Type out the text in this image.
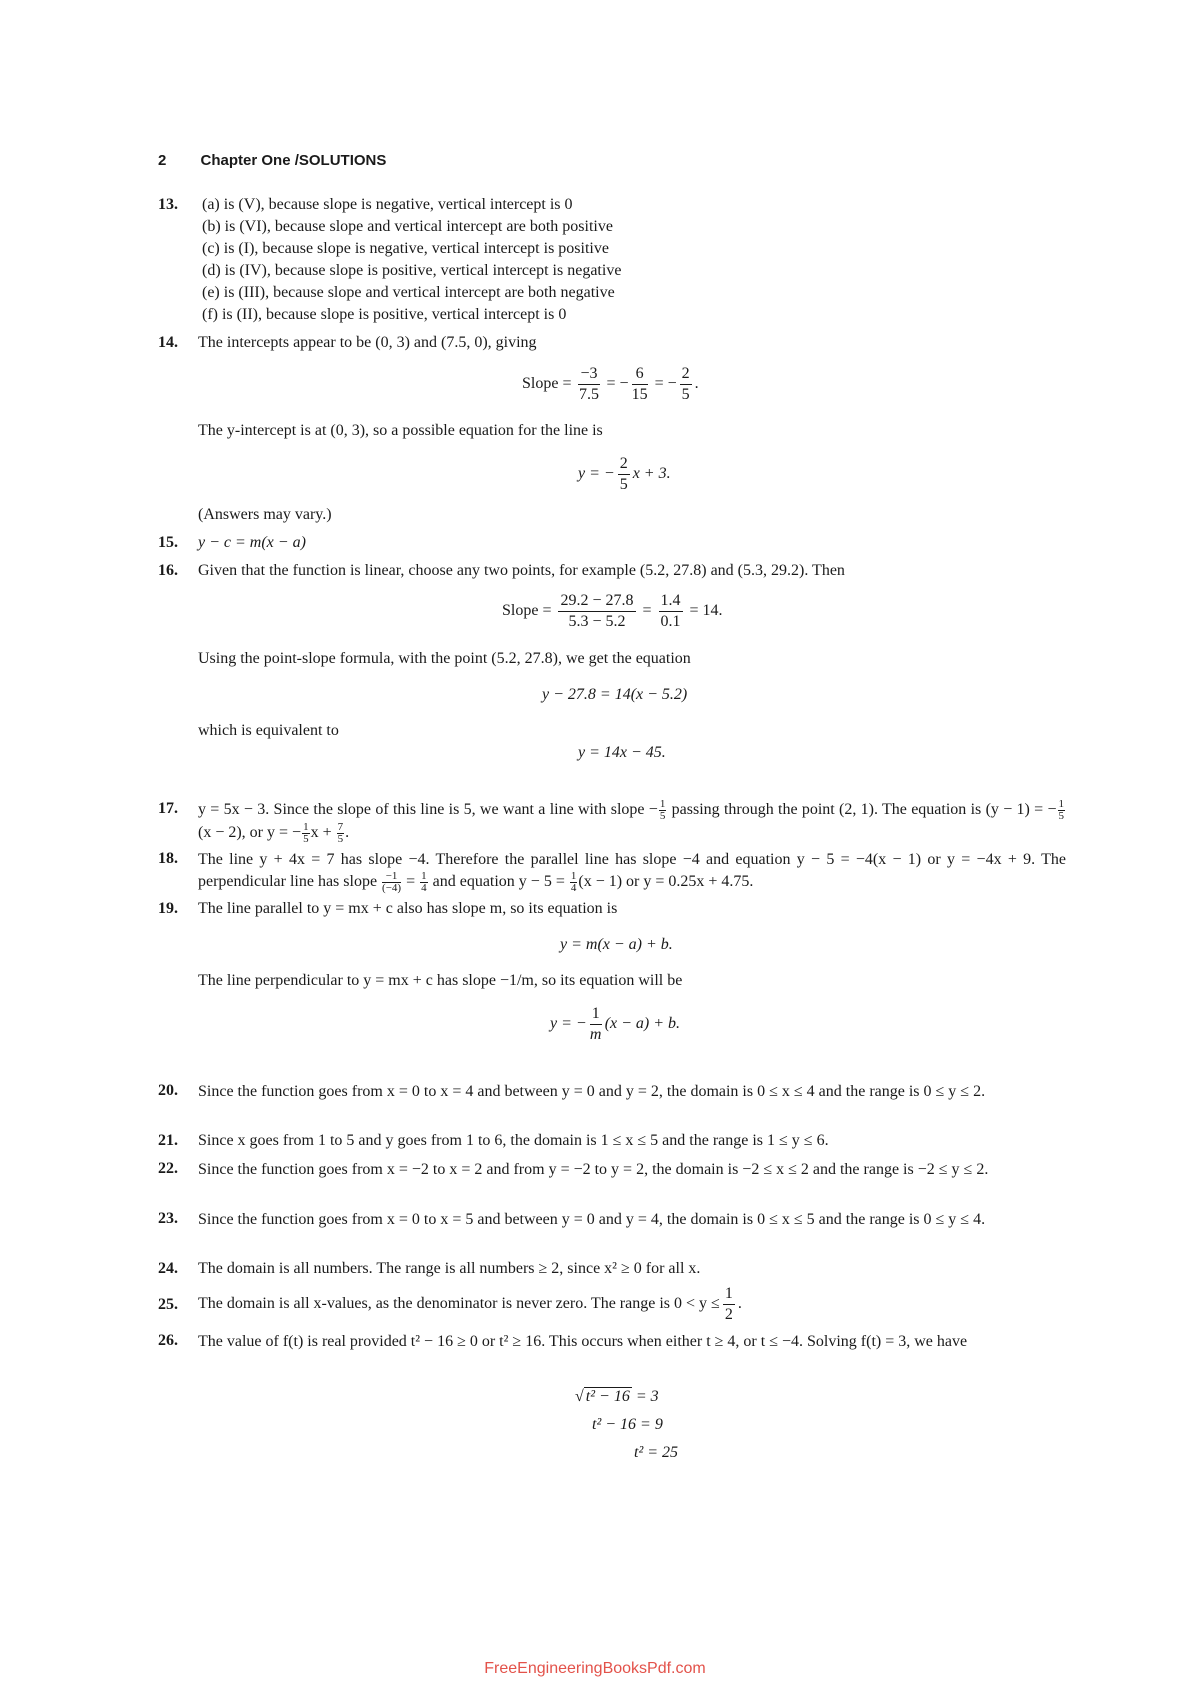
2 Chapter One /SOLUTIONS
13. (a) is (V), because slope is negative, vertical intercept is 0
(b) is (VI), because slope and vertical intercept are both positive
(c) is (I), because slope is negative, vertical intercept is positive
(d) is (IV), because slope is positive, vertical intercept is negative
(e) is (III), because slope and vertical intercept are both negative
(f) is (II), because slope is positive, vertical intercept is 0
14. The intercepts appear to be (0, 3) and (7.5, 0), giving
Slope = $\frac{-3}{7.5}$ = − $\frac{6}{15}$ = − $\frac{2}{5}$ .
The y-intercept is at (0, 3), so a possible equation for the line is
y = − $\frac{2}{5}$ x + 3.
(Answers may vary.)
15. y − c = m(x − a)
16. Given that the function is linear, choose any two points, for example (5.2, 27.8) and (5.3, 29.2). Then
Slope = $\frac{29.2 - 27.8}{5.3 - 5.2} = \frac{1.4}{0.1} = 14$.
Using the point-slope formula, with the point (5.2, 27.8), we get the equation
y − 27.8 = 14(x − 5.2)
which is equivalent to
y = 14x − 45.
17. y = 5x − 3. Since the slope of this line is 5, we want a line with slope − $\frac{1}{5}$ passing through the point (2, 1). The equation is (y − 1) = − $\frac{1}{5}$
(x − 2), or y = − $\frac{1}{5}$ $x + \frac{7}{5}$ .
18. The line y + 4x = 7 has slope −4. Therefore the parallel line has slope −4 and equation y − 5 = −4(x − 1) or y = −4x + 9. The perpendicular line has slope $\frac{-1}{(-4)} = \frac{1}{4}$ and equation $y - 5 = \frac{1}{4} (x - 1)$ or y = 0.25x + 4.75.
19. The line parallel to y = mx + c also has slope m, so its equation is
y = m(x − a) + b.
The line perpendicular to y = mx + c has slope −1/m, so its equation will be
y = − $\frac{1}{m} (x - a) + b$.
20. Since the function goes from x = 0 to x = 4 and between y = 0 and y = 2, the domain is 0 ≤ x ≤ 4 and the range is 0 ≤ y ≤ 2.
21. Since x goes from 1 to 5 and y goes from 1 to 6, the domain is 1 ≤ x ≤ 5 and the range is 1 ≤ y ≤ 6.
22. Since the function goes from x = −2 to x = 2 and from y = −2 to y = 2, the domain is −2 ≤ x ≤ 2 and the range is −2 ≤ y ≤ 2.
23. Since the function goes from x = 0 to x = 5 and between y = 0 and y = 4, the domain is 0 ≤ x ≤ 5 and the range is 0 ≤ y ≤ 4.
24. The domain is all numbers. The range is all numbers ≥ 2, since x² ≥ 0 for all x.
25. The domain is all x-values, as the denominator is never zero. The range is $0 < y \le \frac{1}{2}$ .
26. The value of f(t) is real provided t² − 16 ≥ 0 or t² ≥ 16. This occurs when either t ≥ 4, or t ≤ −4. Solving f(t) = 3, we have
√ t² − 16 = 3
t² − 16 = 9
t² = 25
FreeEngineeringBooksPdf.com
